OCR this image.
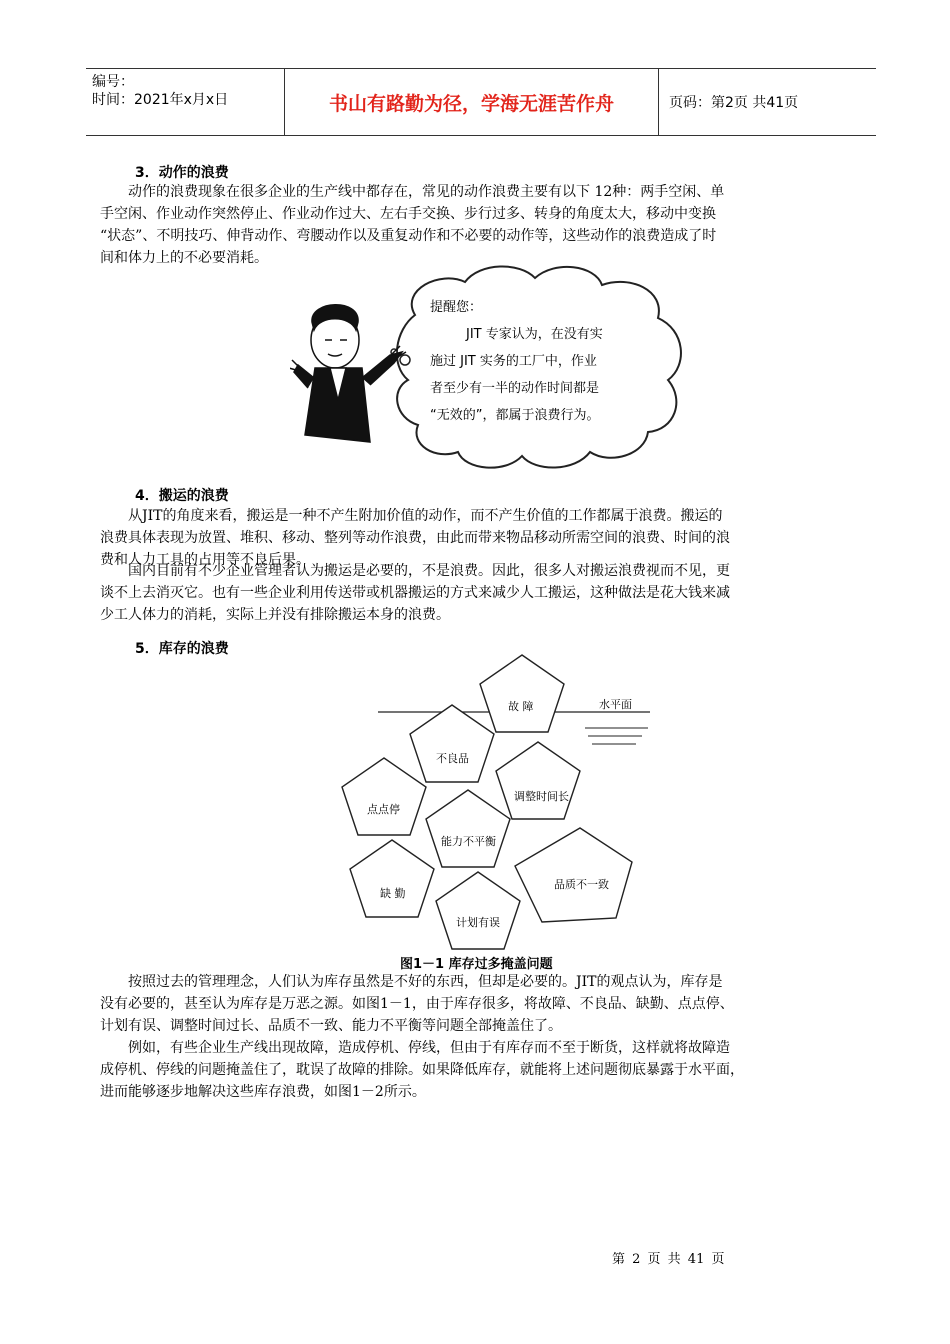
编号：
时间：2021年x月x日	书山有路勤为径，学海无涯苦作舟	页码：第2页 共41页
3．动作的浪费
动作的浪费现象在很多企业的生产线中都存在，常见的动作浪费主要有以下 12种：两手空闲、单
手空闲、作业动作突然停止、作业动作过大、左右手交换、步行过多、转身的角度太大，移动中变换
“状态”、不明技巧、伸背动作、弯腰动作以及重复动作和不必要的动作等，这些动作的浪费造成了时
间和体力上的不必要消耗。
提醒您：
JIT 专家认为，在没有实
施过 JIT 实务的工厂中，作业
者至少有一半的动作时间都是
“无效的”，都属于浪费行为。
4．搬运的浪费
从JIT的角度来看，搬运是一种不产生附加价值的动作，而不产生价值的工作都属于浪费。搬运的
浪费具体表现为放置、堆积、移动、整列等动作浪费，由此而带来物品移动所需空间的浪费、时间的浪
费和人力工具的占用等不良后果。
国内目前有不少企业管理者认为搬运是必要的，不是浪费。因此，很多人对搬运浪费视而不见，更
谈不上去消灭它。也有一些企业利用传送带或机器搬运的方式来减少人工搬运，这种做法是花大钱来减
少工人体力的消耗，实际上并没有排除搬运本身的浪费。
5．库存的浪费
水平面
故 障
不良品
调整时间长
点点停
能力不平衡
缺 勤
计划有误
品质不一致
图1－1 库存过多掩盖问题
按照过去的管理理念，人们认为库存虽然是不好的东西，但却是必要的。JIT的观点认为，库存是
没有必要的，甚至认为库存是万恶之源。如图1－1，由于库存很多，将故障、不良品、缺勤、点点停、
计划有误、调整时间过长、品质不一致、能力不平衡等问题全部掩盖住了。
例如，有些企业生产线出现故障，造成停机、停线，但由于有库存而不至于断货，这样就将故障造
成停机、停线的问题掩盖住了，耽误了故障的排除。如果降低库存，就能将上述问题彻底暴露于水平面，
进而能够逐步地解决这些库存浪费，如图1－2所示。
第 2 页 共 41 页
